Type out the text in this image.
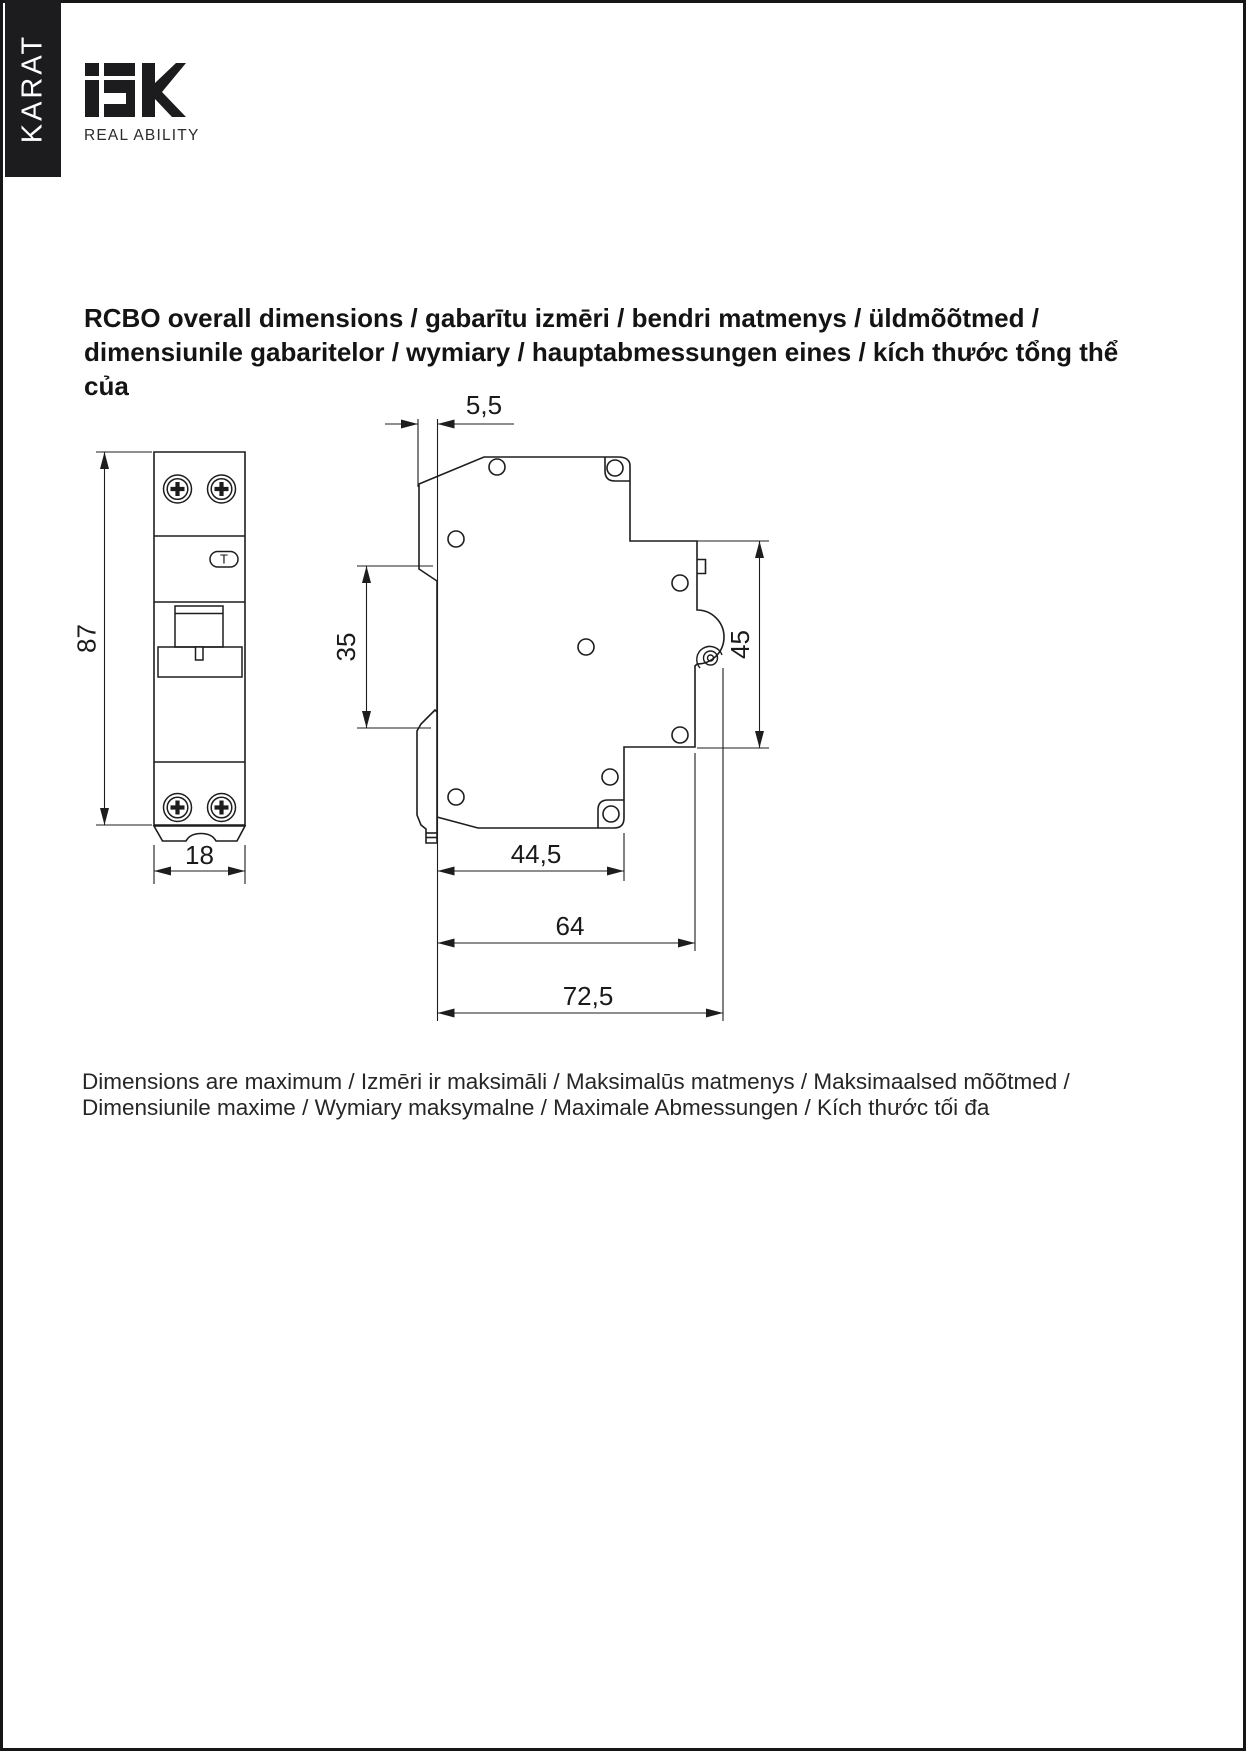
KARAT REAL ABILITY
RCBO overall dimensions / gabarītu izmēri / bendri matmenys / üldmõõtmed /
dimensiunile gabaritelor / wymiary / hauptabmessungen eines / kích thước tổng thể của
T
87
18
5,5
35	45
44,5
64
72,5
Dimensions are maximum / Izmēri ir maksimāli / Maksimalūs matmenys / Maksimaalsed mõõtmed /
Dimensiunile maxime / Wymiary maksymalne / Maximale Abmessungen / Kích thước tối đa
